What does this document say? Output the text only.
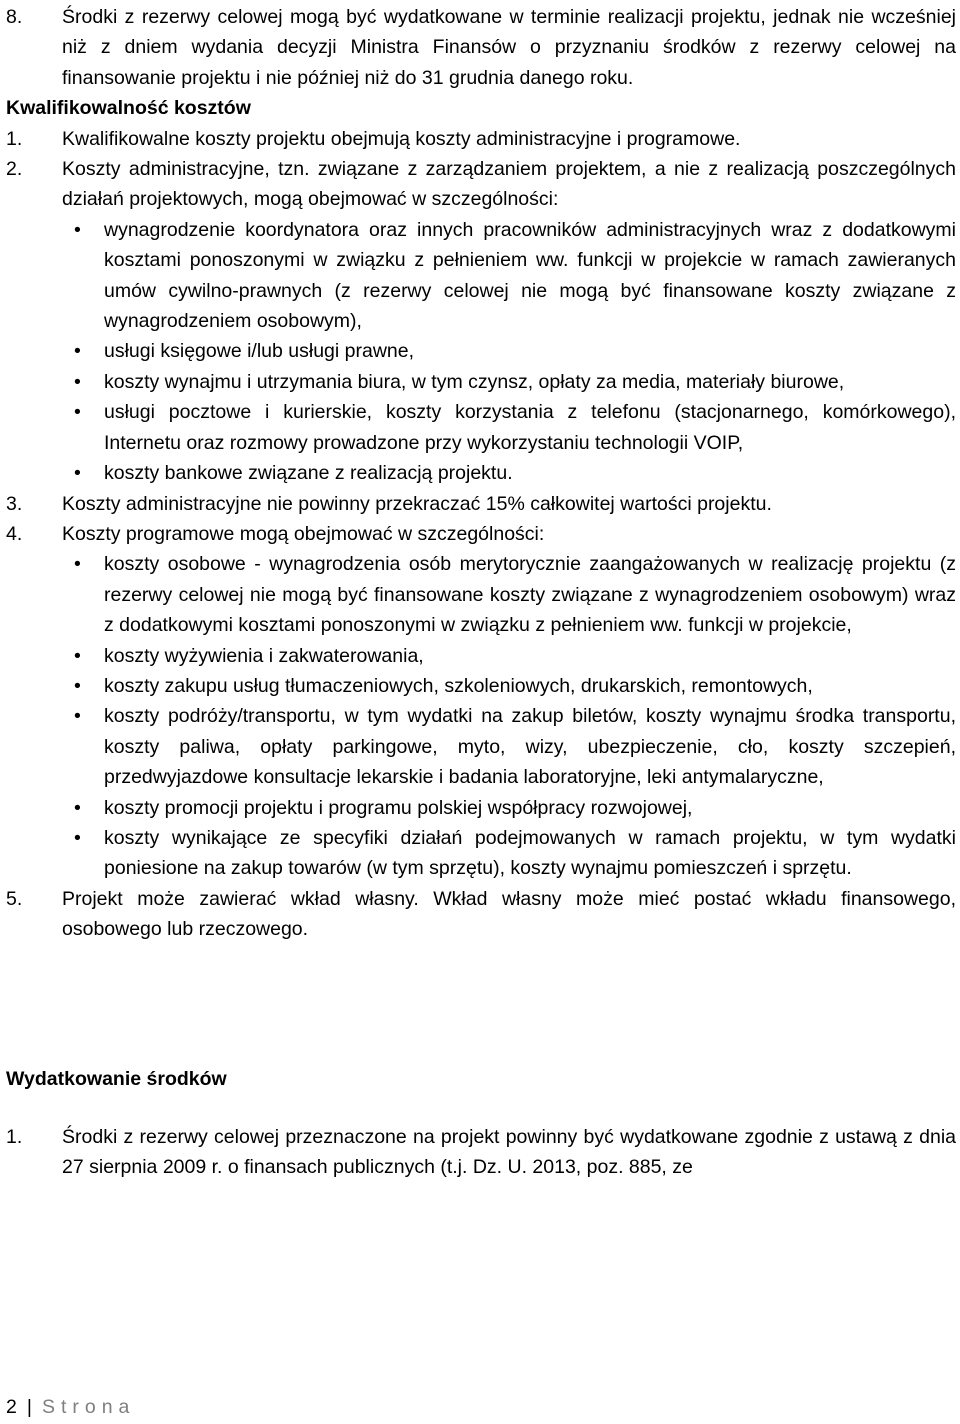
8.	Środki z rezerwy celowej mogą być wydatkowane w terminie realizacji projektu, jednak nie wcześniej niż z dniem wydania decyzji Ministra Finansów o przyznaniu środków z rezerwy celowej na finansowanie projektu i nie później niż do 31 grudnia danego roku.
Kwalifikowalność kosztów
1.	Kwalifikowalne koszty projektu obejmują koszty administracyjne i programowe.
2.	Koszty administracyjne, tzn. związane z zarządzaniem projektem, a nie z realizacją poszczególnych działań projektowych, mogą obejmować w szczególności:
•	wynagrodzenie koordynatora oraz innych pracowników administracyjnych wraz z dodatkowymi kosztami ponoszonymi w związku z pełnieniem ww. funkcji w projekcie w ramach zawieranych umów cywilno-prawnych (z rezerwy celowej nie mogą być finansowane koszty związane z wynagrodzeniem osobowym),
•	usługi księgowe i/lub usługi prawne,
•	koszty wynajmu i utrzymania biura, w tym czynsz, opłaty za media, materiały biurowe,
•	usługi pocztowe i kurierskie, koszty korzystania z telefonu (stacjonarnego, komórkowego), Internetu oraz rozmowy prowadzone przy wykorzystaniu technologii VOIP,
•	koszty bankowe związane z realizacją projektu.
3.	Koszty administracyjne nie powinny przekraczać 15% całkowitej wartości projektu.
4.	Koszty programowe mogą obejmować w szczególności:
•	koszty osobowe - wynagrodzenia osób merytorycznie zaangażowanych w realizację projektu (z rezerwy celowej nie mogą być finansowane koszty związane z wynagrodzeniem osobowym) wraz z dodatkowymi kosztami ponoszonymi w związku z pełnieniem ww. funkcji w projekcie,
•	koszty wyżywienia i zakwaterowania,
•	koszty zakupu usług tłumaczeniowych, szkoleniowych, drukarskich, remontowych,
•	koszty podróży/transportu, w tym wydatki na zakup biletów, koszty wynajmu środka transportu, koszty paliwa, opłaty parkingowe, myto, wizy, ubezpieczenie, cło, koszty szczepień, przedwyjazdowe konsultacje lekarskie i badania laboratoryjne, leki antymalaryczne,
•	koszty promocji projektu i programu polskiej współpracy rozwojowej,
•	koszty wynikające ze specyfiki działań podejmowanych w ramach projektu, w tym wydatki poniesione na zakup towarów (w tym sprzętu), koszty wynajmu pomieszczeń i sprzętu.
5.	Projekt może zawierać wkład własny. Wkład własny może mieć postać wkładu finansowego, osobowego lub rzeczowego.
Wydatkowanie środków
1.	Środki z rezerwy celowej przeznaczone na projekt powinny być wydatkowane zgodnie z ustawą z dnia 27 sierpnia 2009 r. o finansach publicznych (t.j. Dz. U. 2013, poz. 885, ze
2 | Strona
